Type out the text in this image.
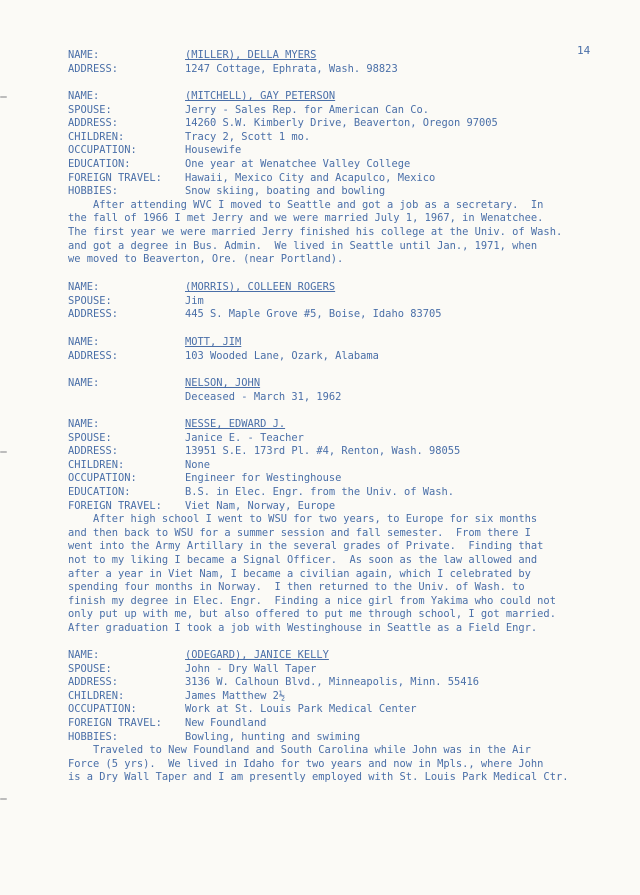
14
NAME:	(MILLER), DELLA MYERS
ADDRESS:	1247 Cottage, Ephrata, Wash. 98823
NAME:	(MITCHELL), GAY PETERSON
SPOUSE:	Jerry - Sales Rep. for American Can Co.
ADDRESS:	14260 S.W. Kimberly Drive, Beaverton, Oregon 97005
CHILDREN:	Tracy 2, Scott 1 mo.
OCCUPATION:	Housewife
EDUCATION:	One year at Wenatchee Valley College
FOREIGN TRAVEL: Hawaii, Mexico City and Acapulco, Mexico
HOBBIES:	Snow skiing, boating and bowling
After attending WVC I moved to Seattle and got a job as a secretary.  In
the fall of 1966 I met Jerry and we were married July 1, 1967, in Wenatchee.
The first year we were married Jerry finished his college at the Univ. of Wash.
and got a degree in Bus. Admin.  We lived in Seattle until Jan., 1971, when
we moved to Beaverton, Ore. (near Portland).
NAME:	(MORRIS), COLLEEN ROGERS
SPOUSE:	Jim
ADDRESS:	445 S. Maple Grove #5, Boise, Idaho 83705
NAME:	MOTT, JIM
ADDRESS:	103 Wooded Lane, Ozark, Alabama
NAME:	NELSON, JOHN
Deceased - March 31, 1962
NAME:	NESSE, EDWARD J.
SPOUSE:	Janice E. - Teacher
ADDRESS:	13951 S.E. 173rd Pl. #4, Renton, Wash. 98055
CHILDREN:	None
OCCUPATION:	Engineer for Westinghouse
EDUCATION:	B.S. in Elec. Engr. from the Univ. of Wash.
FOREIGN TRAVEL: Viet Nam, Norway, Europe
After high school I went to WSU for two years, to Europe for six months
and then back to WSU for a summer session and fall semester.  From there I
went into the Army Artillary in the several grades of Private.  Finding that
not to my liking I became a Signal Officer.  As soon as the law allowed and
after a year in Viet Nam, I became a civilian again, which I celebrated by
spending four months in Norway.  I then returned to the Univ. of Wash. to
finish my degree in Elec. Engr.  Finding a nice girl from Yakima who could not
only put up with me, but also offered to put me through school, I got married.
After graduation I took a job with Westinghouse in Seattle as a Field Engr.
NAME:	(ODEGARD), JANICE KELLY
SPOUSE:	John - Dry Wall Taper
ADDRESS:	3136 W. Calhoun Blvd., Minneapolis, Minn. 55416
CHILDREN:	James Matthew 2½
OCCUPATION:	Work at St. Louis Park Medical Center
FOREIGN TRAVEL: New Foundland
HOBBIES:	Bowling, hunting and swiming
Traveled to New Foundland and South Carolina while John was in the Air
Force (5 yrs).  We lived in Idaho for two years and now in Mpls., where John
is a Dry Wall Taper and I am presently employed with St. Louis Park Medical Ctr.
